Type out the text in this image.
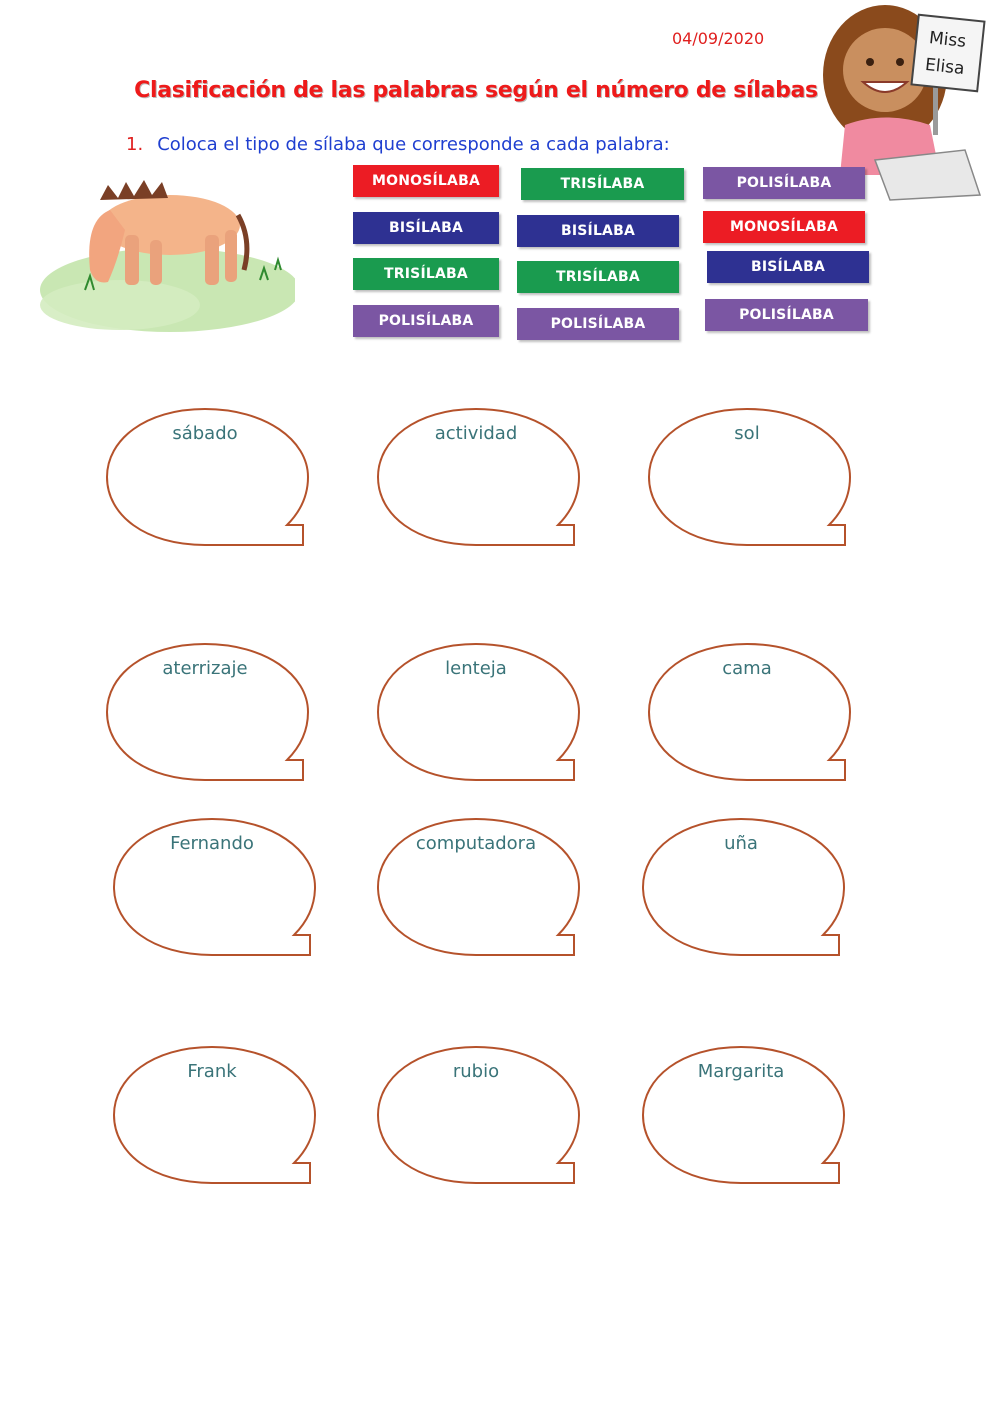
04/09/2020
Clasificación de las palabras según el número de sílabas
1. Coloca el tipo de sílaba que corresponde a cada palabra:
Miss
Elisa
MONOSÍLABA	TRISÍLABA	POLISÍLABA
BISÍLABA	BISÍLABA	MONOSÍLABA
TRISÍLABA	TRISÍLABA
BISÍLABA
POLISÍLABA	POLISÍLABA
POLISÍLABA
sábado	actividad	sol
aterrizaje	lenteja	cama
Fernando	computadora	uña
Frank	rubio	Margarita
